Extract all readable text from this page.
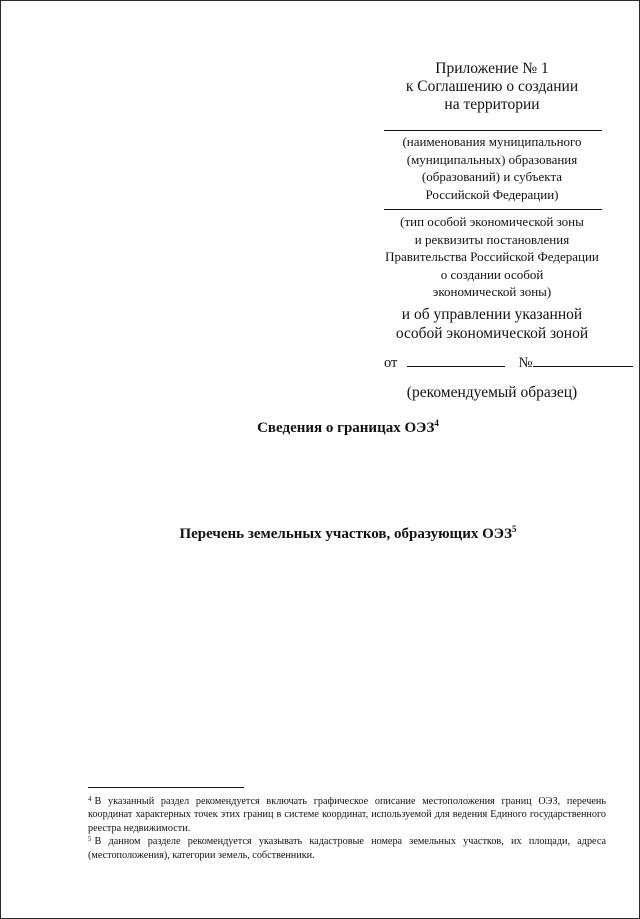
Приложение № 1
к Соглашению о создании
на территории
(наименования муниципального
(муниципальных) образования
(образований) и субъекта
Российской Федерации)
(тип особой экономической зоны
и реквизиты постановления
Правительства Российской Федерации
о создании особой
экономической зоны)
и об управлении указанной
особой экономической зоной
от	№
(рекомендуемый образец)
Сведения о границах ОЭЗ$^4$
Перечень земельных участков, образующих ОЭЗ$^5$

$^4$ В указанный раздел рекомендуется включать графическое описание местоположения границ ОЭЗ, перечень координат характерных точек этих границ в системе координат, используемой для ведения Единого государственного реестра недвижимости.

$^5$ В данном разделе рекомендуется указывать кадастровые номера земельных участков, их площади, адреса (местоположения), категории земель, собственники.
